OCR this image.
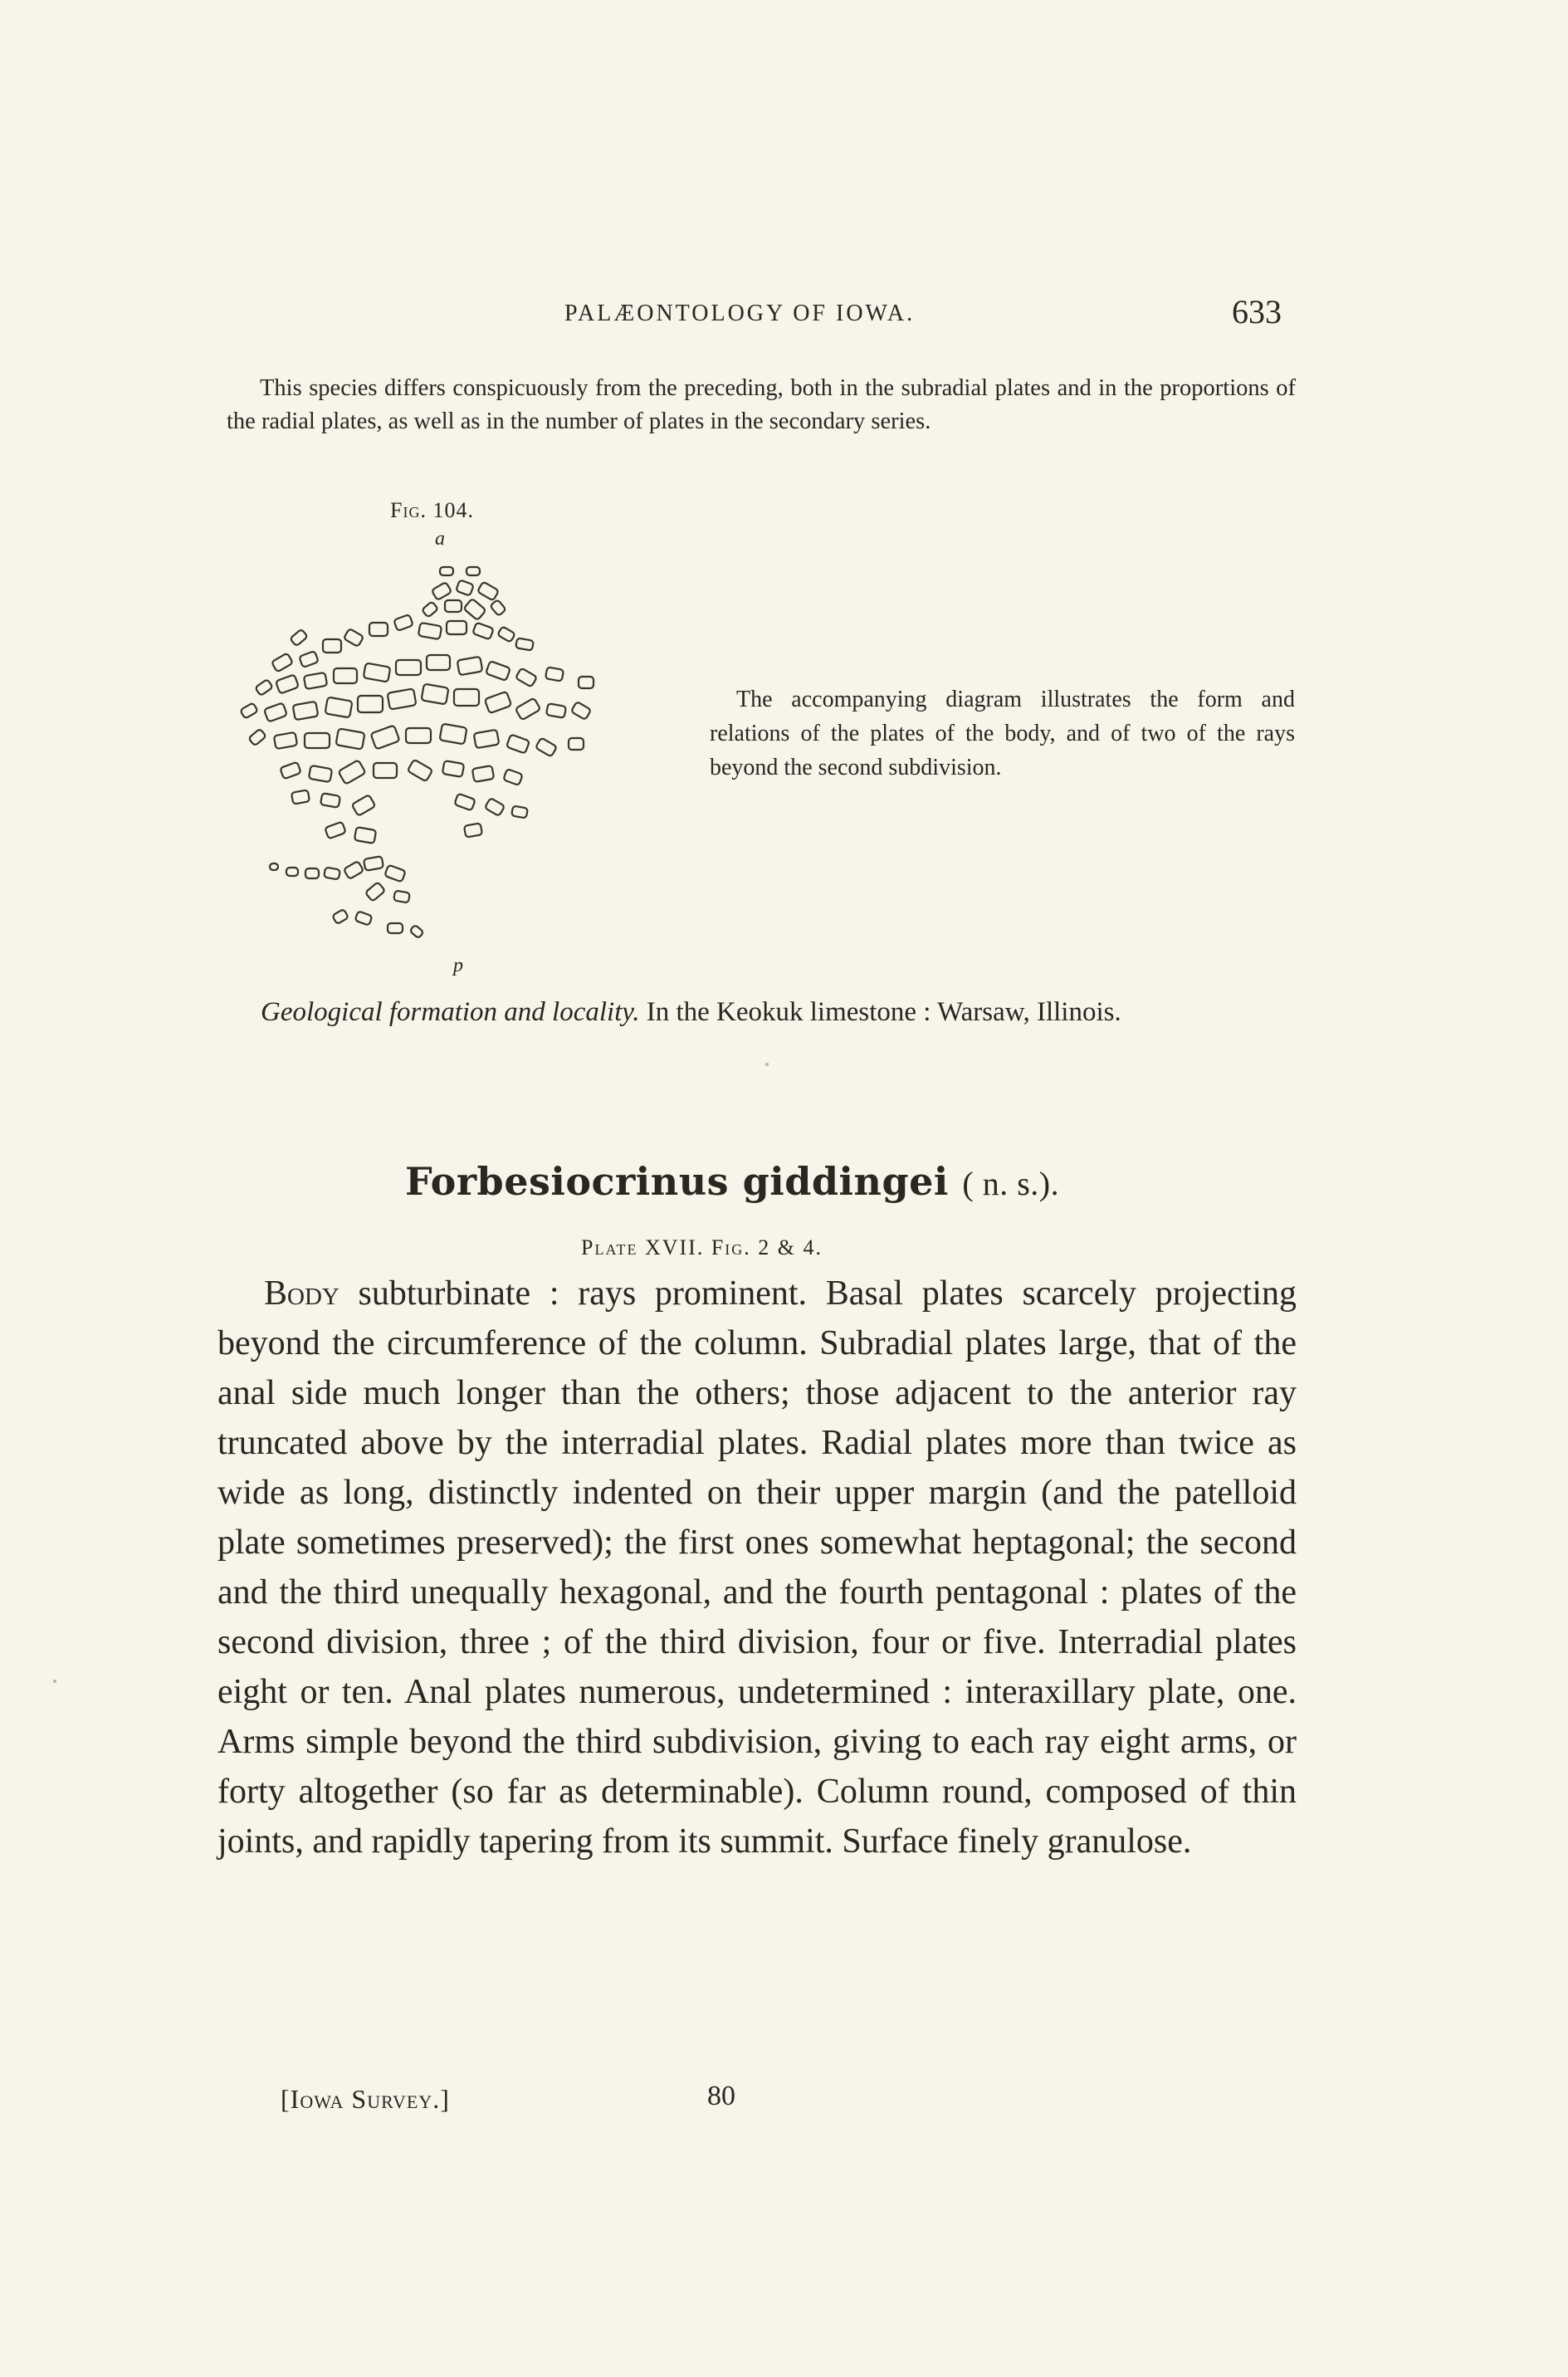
PALÆONTOLOGY OF IOWA.	633
This species differs conspicuously from the preceding, both in the subradial plates and in the proportions of the radial plates, as well as in the number of plates in the secondary series.
Fig. 104.
a
p
The accompanying diagram illustrates the form and relations of the plates of the body, and of two of the rays beyond the second subdivision.
Geological formation and locality. In the Keokuk limestone : Warsaw, Illinois.
Forbesiocrinus giddingei ( n. s.).
Plate XVII. Fig. 2 & 4.
Body subturbinate : rays prominent. Basal plates scarcely projecting beyond the circumference of the column. Subradial plates large, that of the anal side much longer than the others; those adjacent to the anterior ray truncated above by the interradial plates. Radial plates more than twice as wide as long, distinctly indented on their upper margin (and the patelloid plate sometimes preserved); the first ones somewhat heptagonal; the second and the third unequally hexagonal, and the fourth pentagonal : plates of the second division, three ; of the third division, four or five. Interradial plates eight or ten. Anal plates numerous, undetermined : interaxillary plate, one. Arms simple beyond the third subdivision, giving to each ray eight arms, or forty altogether (so far as determinable). Column round, composed of thin joints, and rapidly tapering from its summit. Surface finely granulose.
[Iowa Survey.]	80
